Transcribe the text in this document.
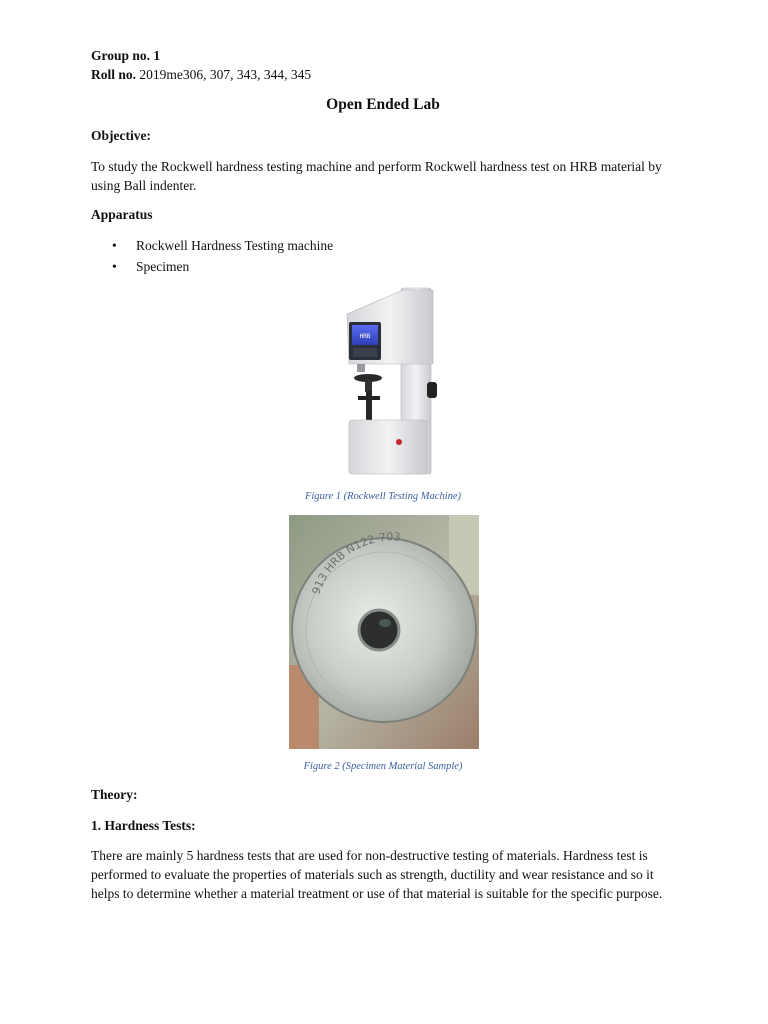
Group no. 1
Roll no. 2019me306, 307, 343, 344, 345
Open Ended Lab
Objective:
To study the Rockwell hardness testing machine and perform Rockwell hardness test on HRB material by using Ball indenter.
Apparatus
• Rockwell Hardness Testing machine
• Specimen
HRB
Figure 1 (Rockwell Testing Machine)
913 HRB N122-703
Figure 2 (Specimen Material Sample)
Theory:
1. Hardness Tests:
There are mainly 5 hardness tests that are used for non-destructive testing of materials. Hardness test is performed to evaluate the properties of materials such as strength, ductility and wear resistance and so it helps to determine whether a material treatment or use of that material is suitable for the specific purpose.
